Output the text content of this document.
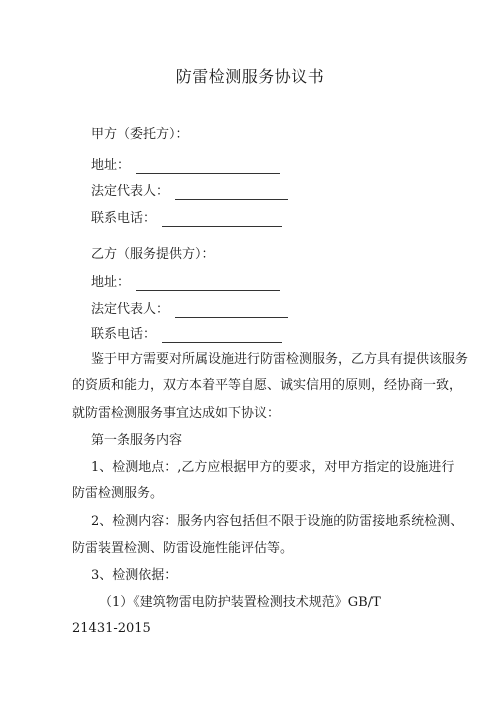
防雷检测服务协议书
甲方（委托方）：
地址：
法定代表人：
联系电话：
乙方（服务提供方）：
地址：
法定代表人：
联系电话：
鉴于甲方需要对所属设施进行防雷检测服务，乙方具有提供该服务
的资质和能力，双方本着平等自愿、诚实信用的原则，经协商一致，
就防雷检测服务事宜达成如下协议：
第一条服务内容
1、检测地点：,乙方应根据甲方的要求，对甲方指定的设施进行
防雷检测服务。
2、检测内容：服务内容包括但不限于设施的防雷接地系统检测、
防雷装置检测、防雷设施性能评估等。
3、检测依据：
（1）《建筑物雷电防护装置检测技术规范》GB/T
21431-2015
